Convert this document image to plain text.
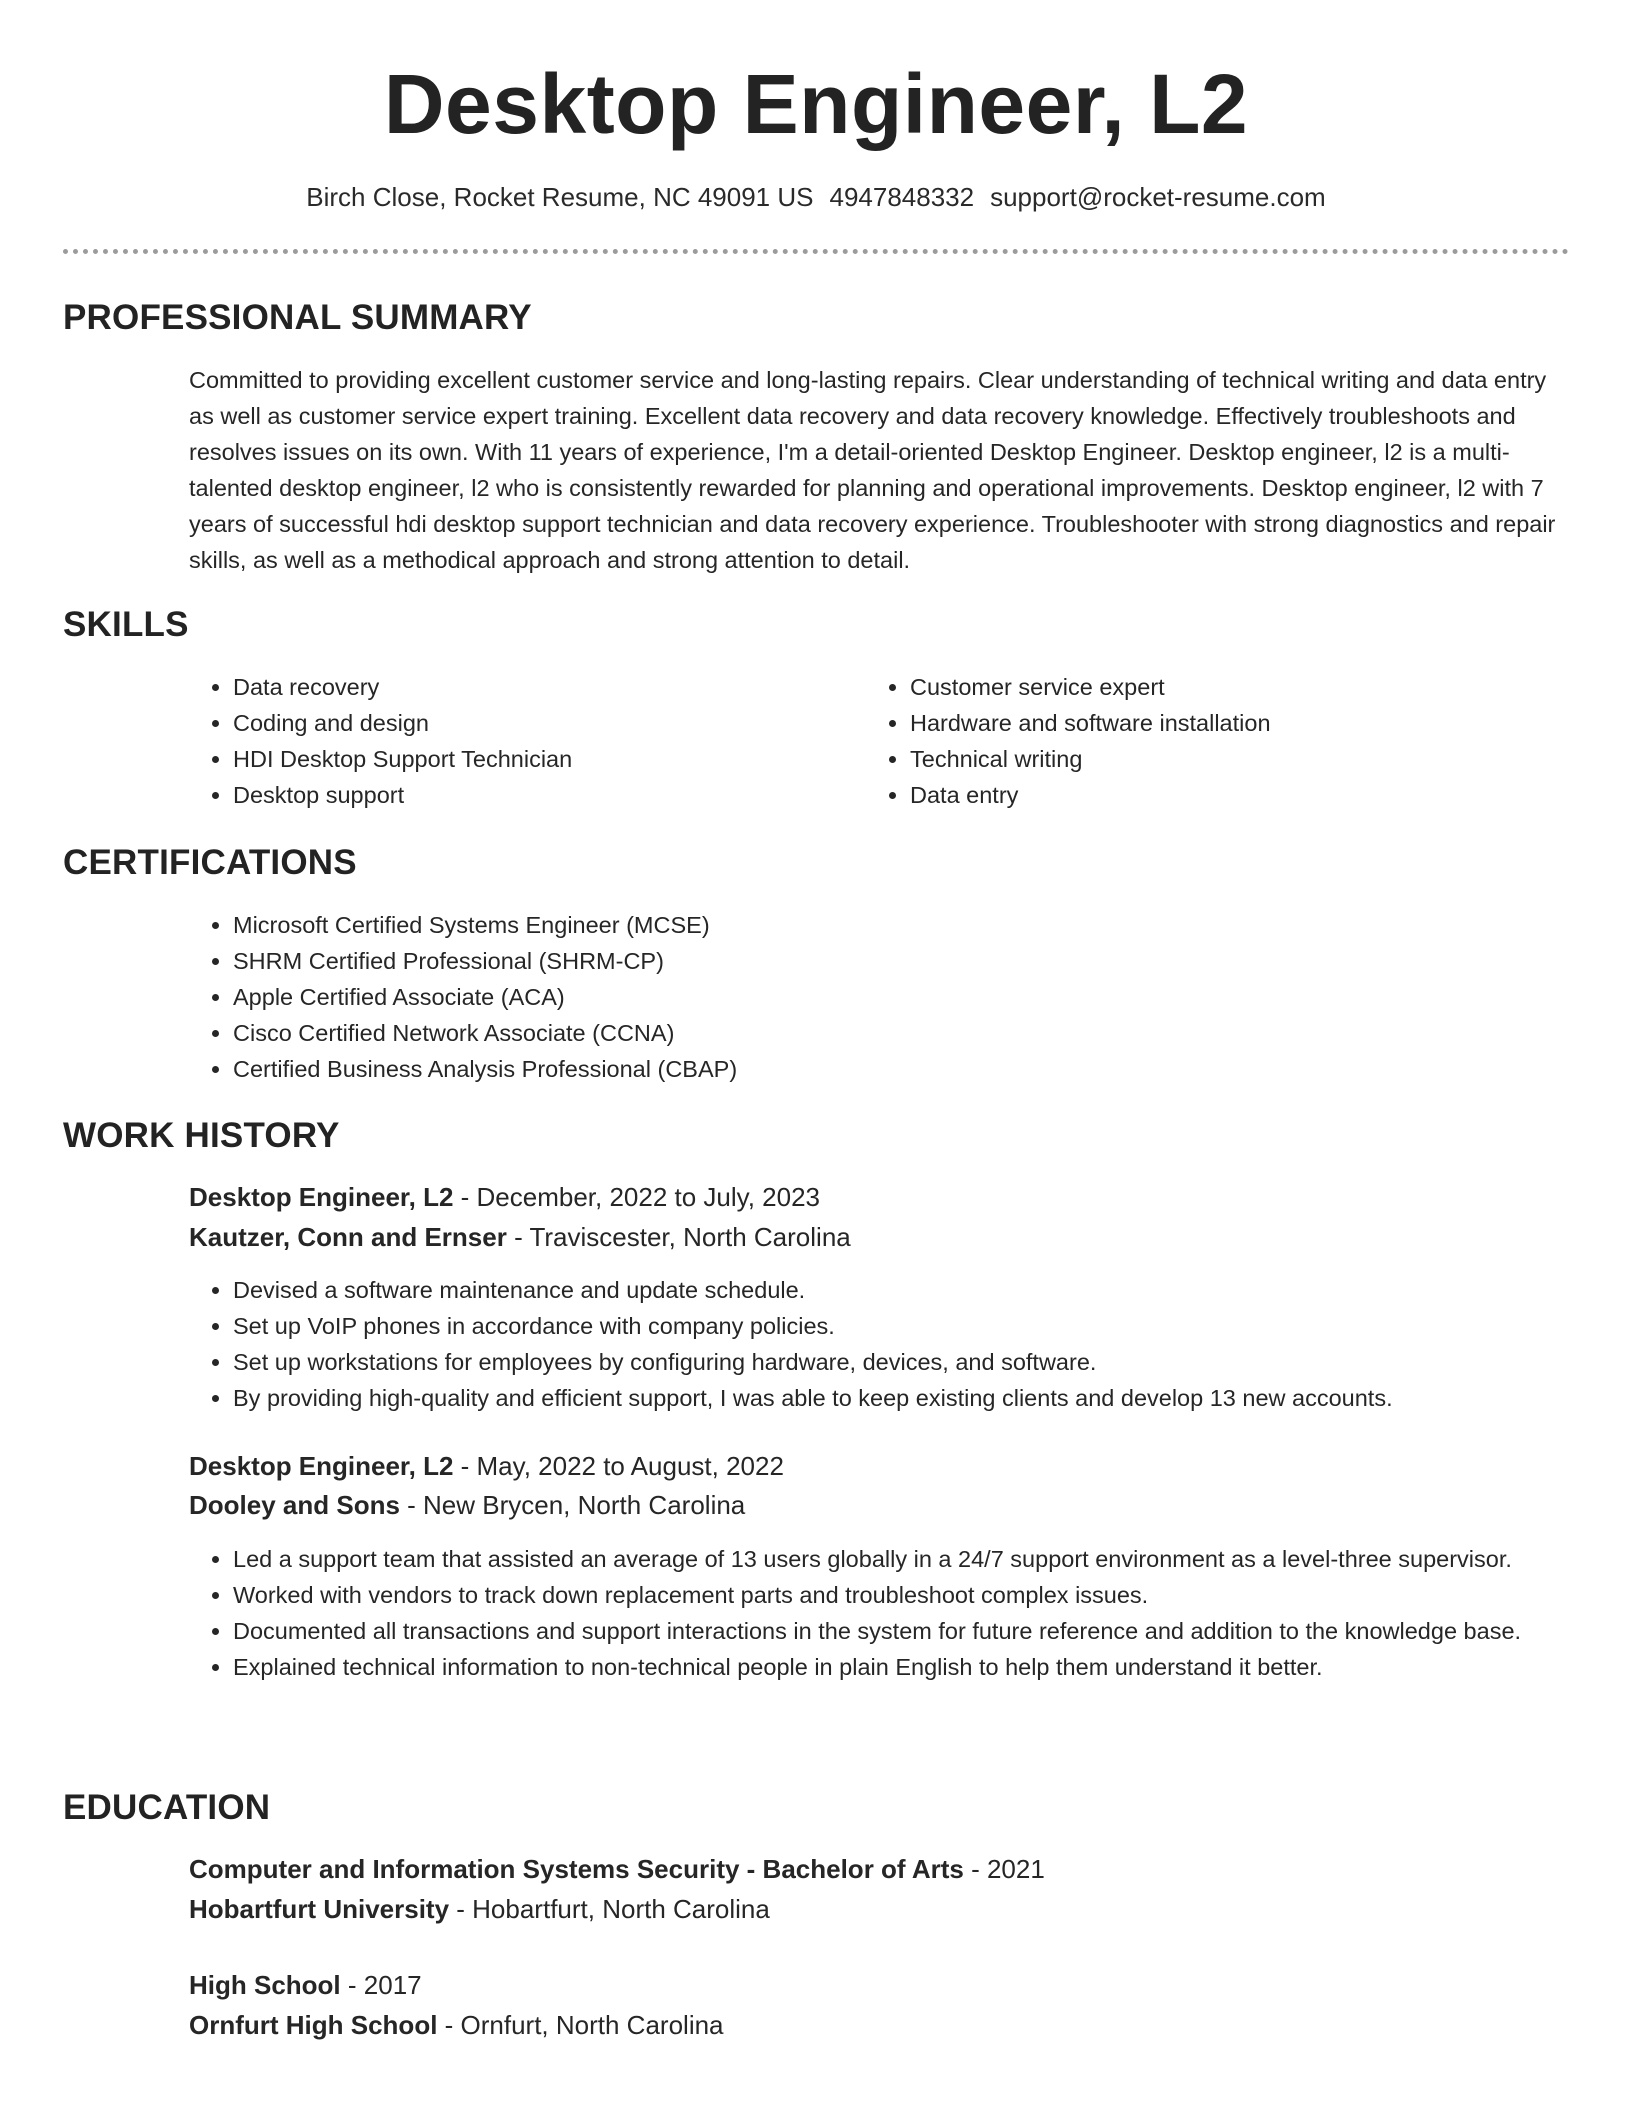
Desktop Engineer, L2
Birch Close, Rocket Resume, NC 49091 US 4947848332 support@rocket-resume.com
PROFESSIONAL SUMMARY
Committed to providing excellent customer service and long-lasting repairs. Clear understanding of technical writing and data entry as well as customer service expert training. Excellent data recovery and data recovery knowledge. Effectively troubleshoots and resolves issues on its own. With 11 years of experience, I'm a detail-oriented Desktop Engineer. Desktop engineer, l2 is a multi-talented desktop engineer, l2 who is consistently rewarded for planning and operational improvements. Desktop engineer, l2 with 7 years of successful hdi desktop support technician and data recovery experience. Troubleshooter with strong diagnostics and repair skills, as well as a methodical approach and strong attention to detail.
SKILLS
• Data recovery
• Coding and design
• HDI Desktop Support Technician
• Desktop support
• Customer service expert
• Hardware and software installation
• Technical writing
• Data entry
CERTIFICATIONS
• Microsoft Certified Systems Engineer (MCSE)
• SHRM Certified Professional (SHRM-CP)
• Apple Certified Associate (ACA)
• Cisco Certified Network Associate (CCNA)
• Certified Business Analysis Professional (CBAP)
WORK HISTORY
Desktop Engineer, L2 - December, 2022 to July, 2023
Kautzer, Conn and Ernser - Traviscester, North Carolina
• Devised a software maintenance and update schedule.
• Set up VoIP phones in accordance with company policies.
• Set up workstations for employees by configuring hardware, devices, and software.
• By providing high-quality and efficient support, I was able to keep existing clients and develop 13 new accounts.
Desktop Engineer, L2 - May, 2022 to August, 2022
Dooley and Sons - New Brycen, North Carolina
• Led a support team that assisted an average of 13 users globally in a 24/7 support environment as a level-three supervisor.
• Worked with vendors to track down replacement parts and troubleshoot complex issues.
• Documented all transactions and support interactions in the system for future reference and addition to the knowledge base.
• Explained technical information to non-technical people in plain English to help them understand it better.
EDUCATION
Computer and Information Systems Security - Bachelor of Arts - 2021
Hobartfurt University - Hobartfurt, North Carolina
High School - 2017
Ornfurt High School - Ornfurt, North Carolina
